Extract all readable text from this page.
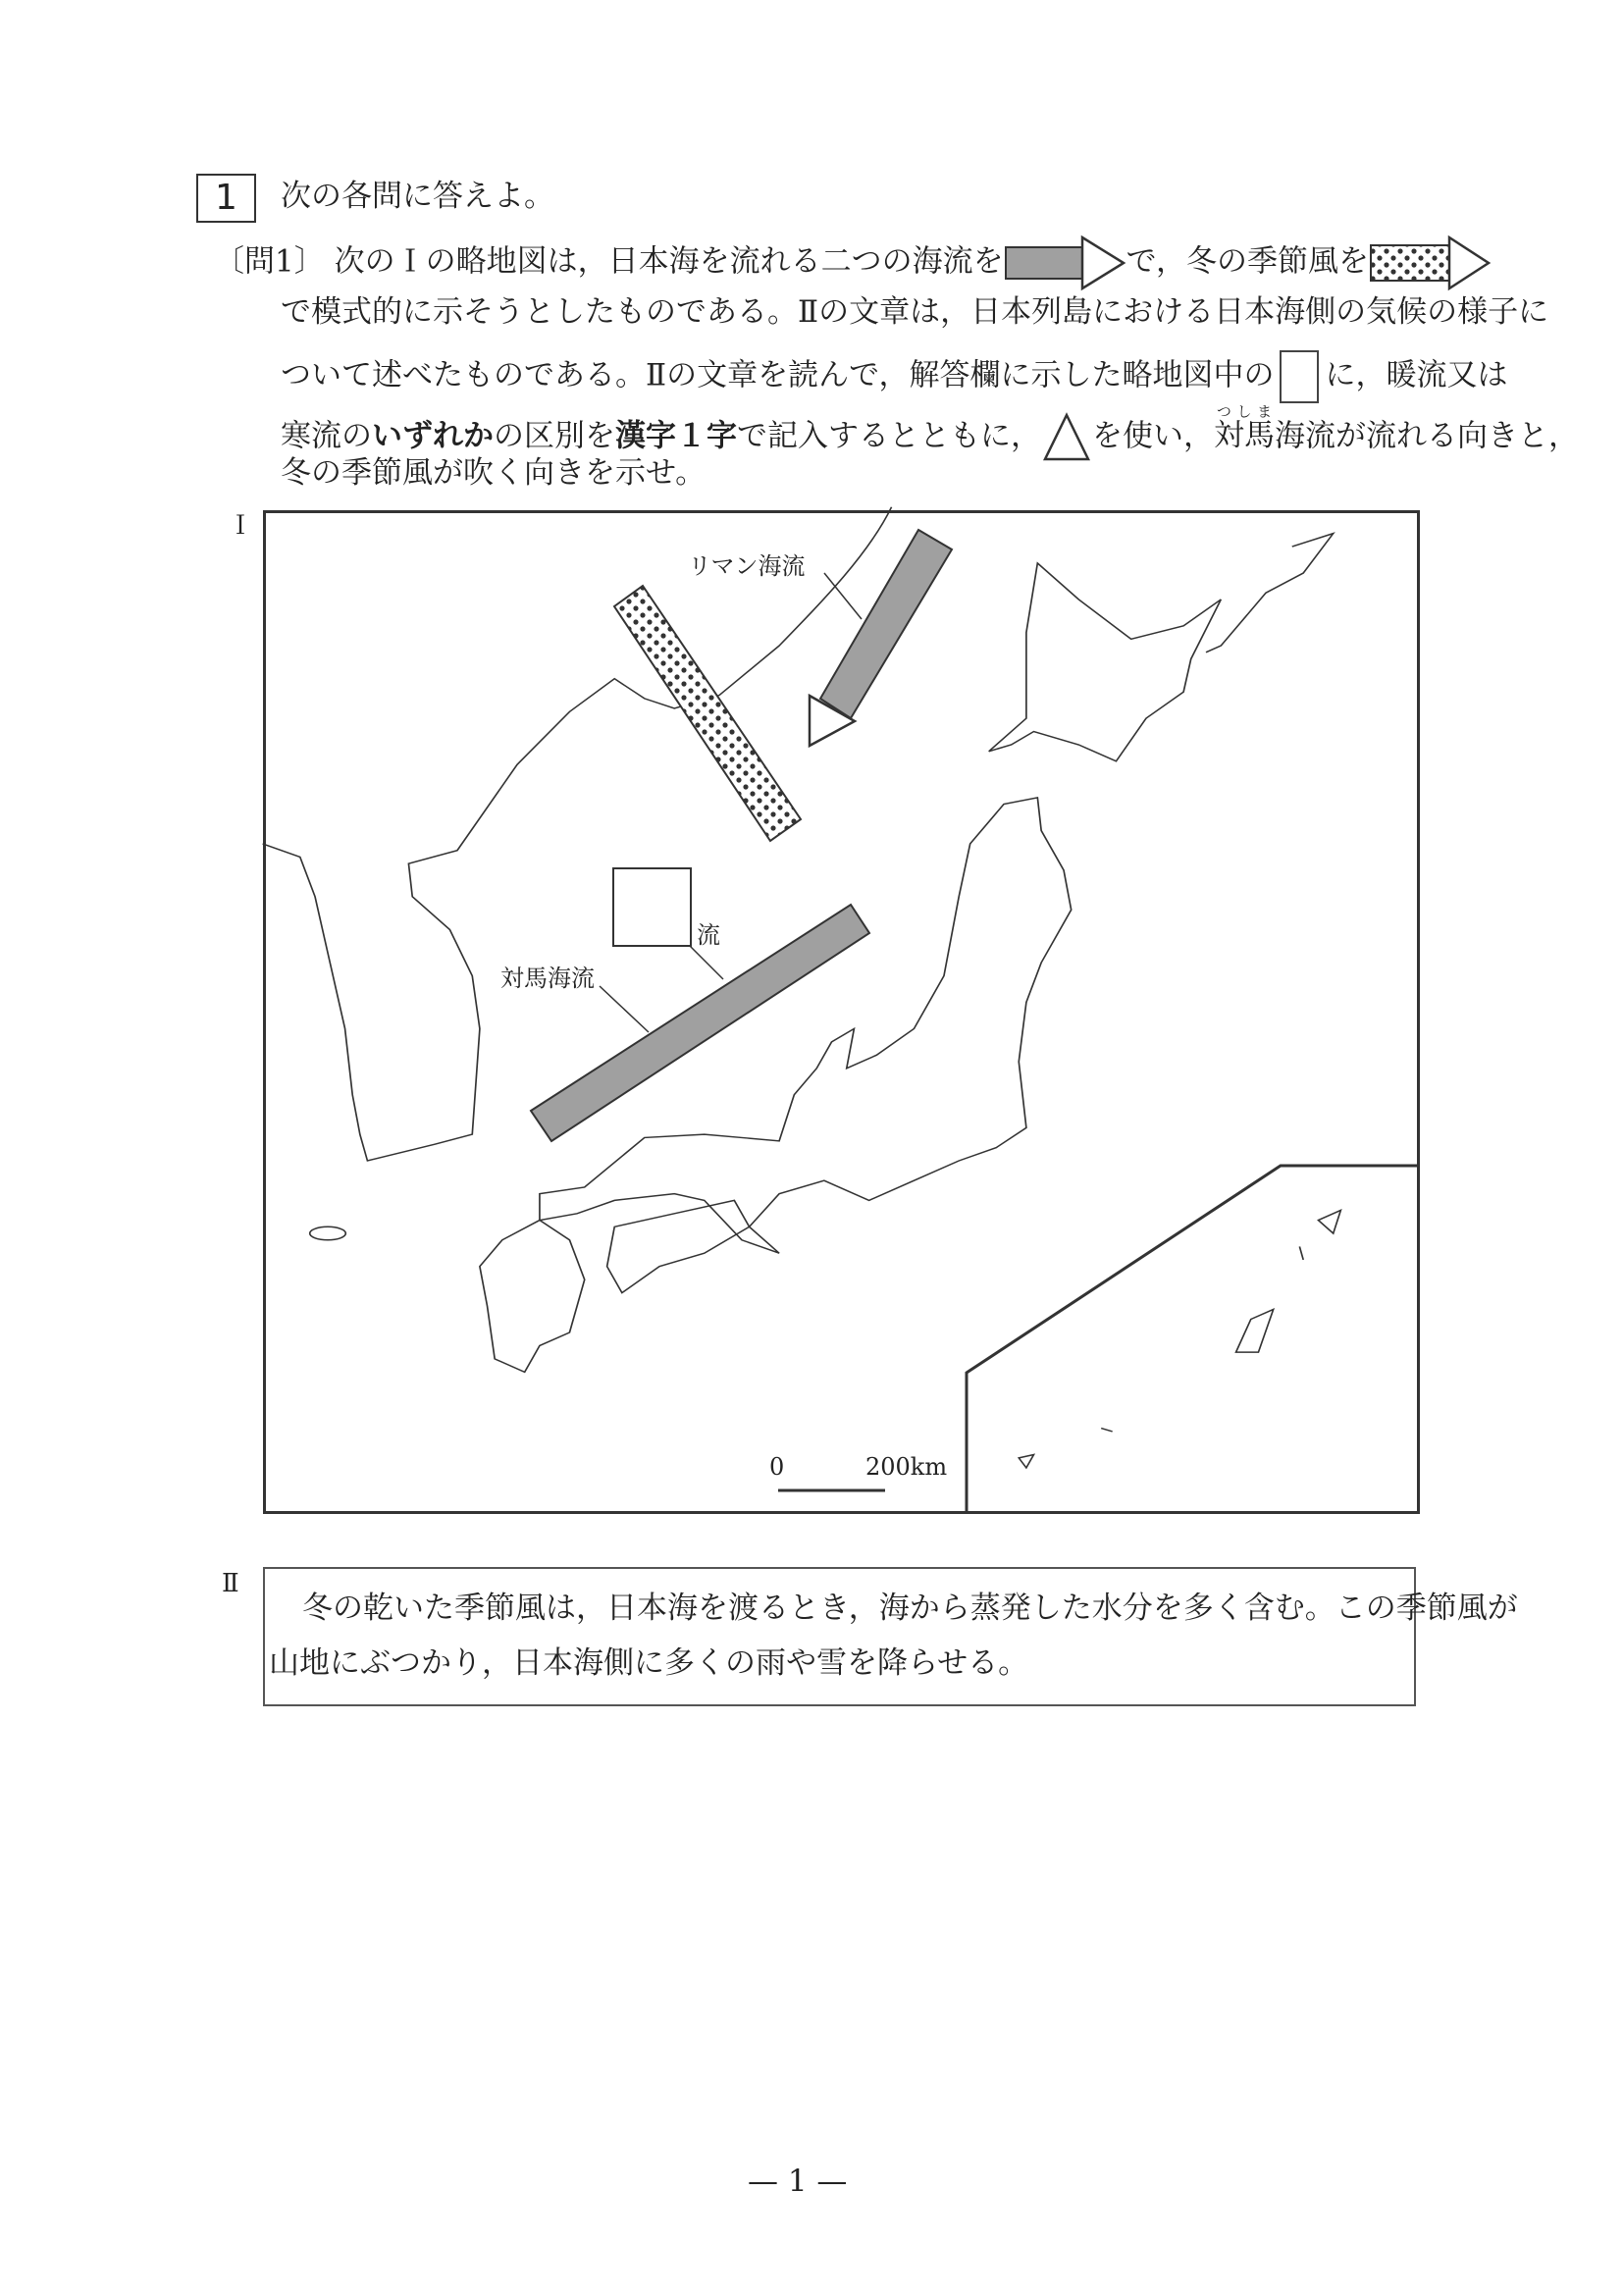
1	次の各問に答えよ。
〔問1〕 次のＩの略地図は，日本海を流れる二つの海流を	で，冬の季節風を
で模式的に示そうとしたものである。Ⅱの文章は，日本列島における日本海側の気候の様子に
ついて述べたものである。Ⅱの文章を読んで，解答欄に示した略地図中の に，暖流又は
寒流のいずれかの区別を漢字１字で記入するとともに， を使い，対馬つしま海流が流れる向きと，
冬の季節風が吹く向きを示せ。
Ｉ
リマン海流
対馬海流
流
0	200km
Ⅱ
冬の乾いた季節風は，日本海を渡るとき，海から蒸発した水分を多く含む。この季節風が
山地にぶつかり，日本海側に多くの雨や雪を降らせる。
— 1 —
